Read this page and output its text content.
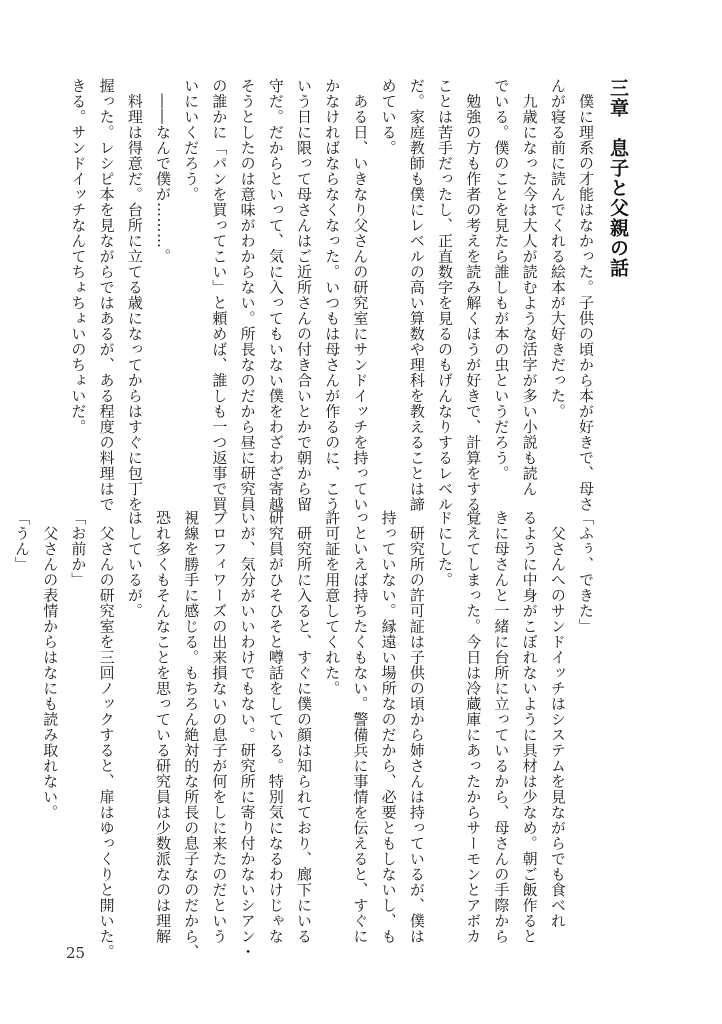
三章　息子と父親の話
　僕に理系の才能はなかった。子供の頃から本が好きで、母さ
んが寝る前に読んでくれる絵本が大好きだった。
　九歳になった今は大人が読むような活字が多い小説も読ん
でいる。僕のことを見たら誰しもが本の虫というだろう。
　勉強の方も作者の考えを読み解くほうが好きで、計算をする
ことは苦手だったし、正直数字を見るのもげんなりするレベル
だ。家庭教師も僕にレベルの高い算数や理科を教えることは諦
めている。
　ある日、いきなり父さんの研究室にサンドイッチを持ってい
かなければならなくなった。いつもは母さんが作るのに、こう
いう日に限って母さんはご近所さんの付き合いとかで朝から留
守だ。だからといって、気に入ってもいない僕をわざわざ寄越
そうとしたのは意味がわからない。所長なのだから昼に研究員
の誰かに「パンを買ってこい」と頼めば、誰しも一つ返事で買
いにいくだろう。
　――なんで僕が………。
　料理は得意だ。台所に立てる歳になってからはすぐに包丁を
握った。レシピ本を見ながらではあるが、ある程度の料理はで
きる。サンドイッチなんてちょちょいのちょいだ。
「ふぅ、できた」
　父さんへのサンドイッチはシステムを見ながらでも食べれ
るように中身がこぼれないように具材は少なめ。朝ご飯作ると
きに母さんと一緒に台所に立っているから、母さんの手際から
覚えてしまった。今日は冷蔵庫にあったからサーモンとアボカ
ドにした。
　研究所の許可証は子供の頃から姉さんは持っているが、僕は
持っていない。縁遠い場所なのだから、必要ともしないし、も
っといえば持ちたくもない。警備兵に事情を伝えると、すぐに
許可証を用意してくれた。
　研究所に入ると、すぐに僕の顔は知られており、廊下にいる
研究員がひそひそと噂話をしている。特別気になるわけじゃな
いが、気分がいいわけでもない。研究所に寄り付かないシアン・
ブロフィワーズの出来損ないの息子が何をしに来たのだという
視線を勝手に感じる。もちろん絶対的な所長の息子なのだから、
恐れ多くもそんなことを思っている研究員は少数派なのは理解
はしているが。
　父さんの研究室を三回ノックすると、扉はゆっくりと開いた。
「お前か」
　父さんの表情からはなにも読み取れない。
「うん」
25
